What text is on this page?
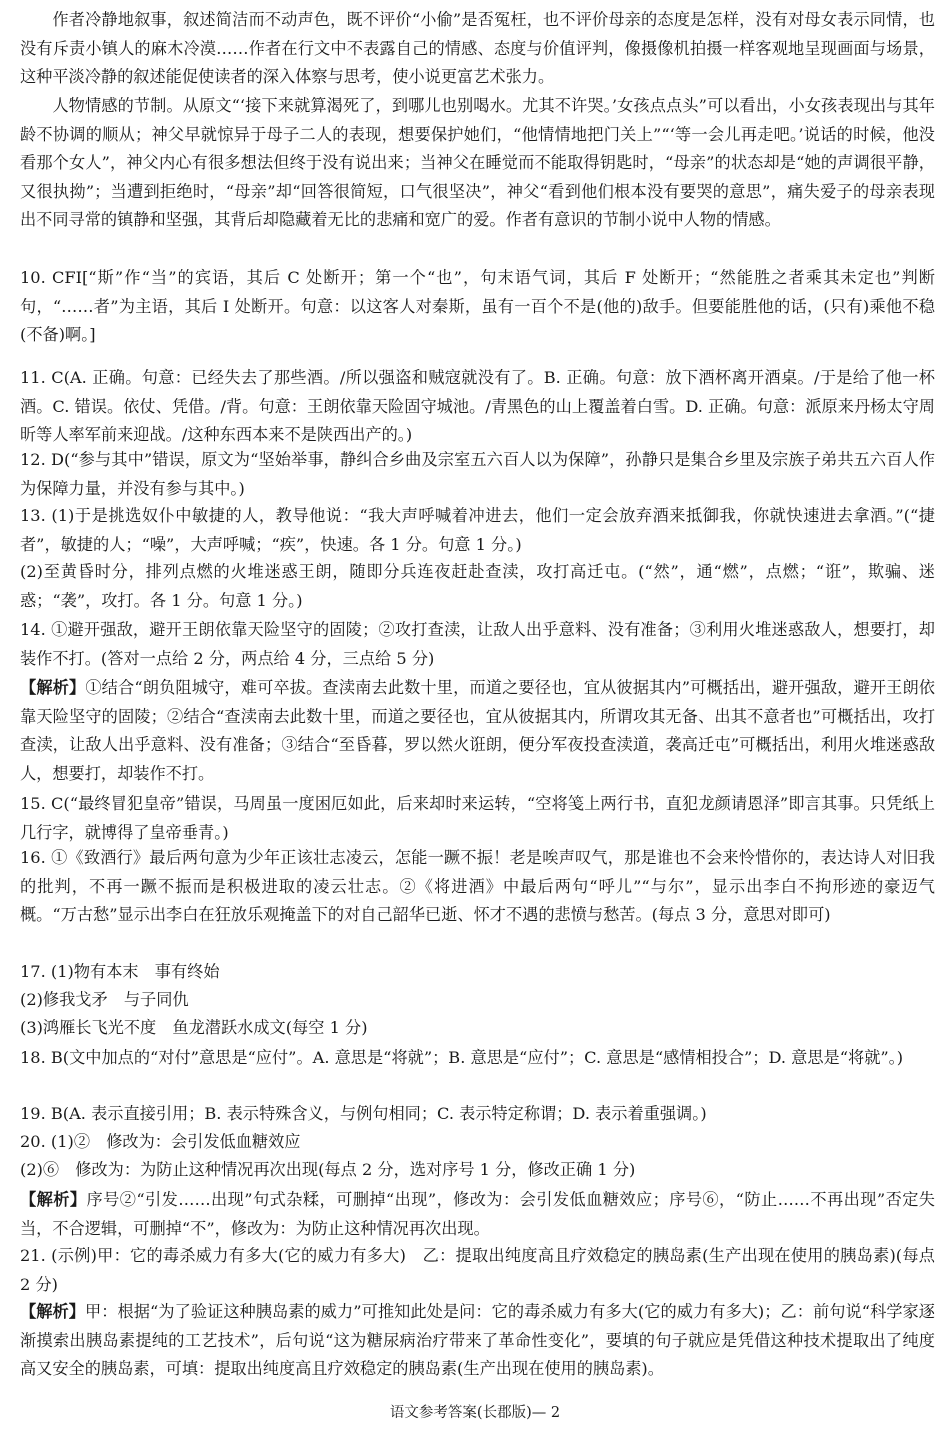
作者冷静地叙事，叙述简洁而不动声色，既不评价“小偷”是否冤枉，也不评价母亲的态度是怎样，没有对母女表示同情，也没有斥责小镇人的麻木冷漠……作者在行文中不表露自己的情感、态度与价值评判，像摄像机拍摄一样客观地呈现画面与场景，这种平淡冷静的叙述能促使读者的深入体察与思考，使小说更富艺术张力。
人物情感的节制。从原文“‘接下来就算渴死了，到哪儿也别喝水。尤其不许哭。’女孩点点头”可以看出，小女孩表现出与其年龄不协调的顺从；神父早就惊异于母子二人的表现，想要保护她们，“他情情地把门关上”“‘等一会儿再走吧。’说话的时候，他没看那个女人”，神父内心有很多想法但终于没有说出来；当神父在睡觉而不能取得钥匙时，“母亲”的状态却是“她的声调很平静，又很执拗”；当遭到拒绝时，“母亲”却“回答很简短，口气很坚决”，神父“看到他们根本没有要哭的意思”，痛失爱子的母亲表现出不同寻常的镇静和坚强，其背后却隐藏着无比的悲痛和宽广的爱。作者有意识的节制小说中人物的情感。
10. CFI[“斯”作“当”的宾语，其后 C 处断开；第一个“也”，句末语气词，其后 F 处断开；“然能胜之者乘其未定也”判断句，“……者”为主语，其后 I 处断开。句意：以这客人对秦斯，虽有一百个不是(他的)敌手。但要能胜他的话，(只有)乘他不稳(不备)啊。]
11. C(A. 正确。句意：已经失去了那些酒。/所以强盗和贼寇就没有了。B. 正确。句意：放下酒杯离开酒桌。/于是给了他一杯酒。C. 错误。依仗、凭借。/背。句意：王朗依靠天险固守城池。/青黑色的山上覆盖着白雪。D. 正确。句意：派原来丹杨太守周昕等人率军前来迎战。/这种东西本来不是陕西出产的。)
12. D(“参与其中”错误，原文为“坚始举事，静纠合乡曲及宗室五六百人以为保障”，孙静只是集合乡里及宗族子弟共五六百人作为保障力量，并没有参与其中。)
13. (1)于是挑选奴仆中敏捷的人，教导他说：“我大声呼喊着冲进去，他们一定会放弃酒来抵御我，你就快速进去拿酒。”(“捷者”，敏捷的人；“噪”，大声呼喊；“疾”，快速。各 1 分。句意 1 分。)
(2)至黄昏时分，排列点燃的火堆迷惑王朗，随即分兵连夜赶赴查渎，攻打高迁屯。(“然”，通“燃”，点燃；“诳”，欺骗、迷惑；“袭”，攻打。各 1 分。句意 1 分。)
14. ①避开强敌，避开王朗依靠天险坚守的固陵；②攻打查渎，让敌人出乎意料、没有准备；③利用火堆迷惑敌人，想要打，却装作不打。(答对一点给 2 分，两点给 4 分，三点给 5 分)
【解析】①结合“朗负阻城守，难可卒拔。查渎南去此数十里，而道之要径也，宜从彼据其内”可概括出，避开强敌，避开王朗依靠天险坚守的固陵；②结合“查渎南去此数十里，而道之要径也，宜从彼据其内，所谓攻其无备、出其不意者也”可概括出，攻打查渎，让敌人出乎意料、没有准备；③结合“至昏暮，罗以然火诳朗，便分军夜投查渎道，袭高迁屯”可概括出，利用火堆迷惑敌人，想要打，却装作不打。
15. C(“最终冒犯皇帝”错误，马周虽一度困厄如此，后来却时来运转，“空将笺上两行书，直犯龙颜请恩泽”即言其事。只凭纸上几行字，就博得了皇帝垂青。)
16. ①《致酒行》最后两句意为少年正该壮志凌云，怎能一蹶不振！老是唉声叹气，那是谁也不会来怜惜你的，表达诗人对旧我的批判，不再一蹶不振而是积极进取的凌云壮志。②《将进酒》中最后两句“呼儿”“与尔”，显示出李白不拘形迹的豪迈气概。“万古愁”显示出李白在狂放乐观掩盖下的对自己韶华已逝、怀才不遇的悲愤与愁苦。(每点 3 分，意思对即可)
17. (1)物有本末　事有终始
(2)修我戈矛　与子同仇
(3)鸿雁长飞光不度　鱼龙潜跃水成文(每空 1 分)
18. B(文中加点的“对付”意思是“应付”。A. 意思是“将就”；B. 意思是“应付”；C. 意思是“感情相投合”；D. 意思是“将就”。)
19. B(A. 表示直接引用；B. 表示特殊含义，与例句相同；C. 表示特定称谓；D. 表示着重强调。)
20. (1)②　修改为：会引发低血糖效应
(2)⑥　修改为：为防止这种情况再次出现(每点 2 分，选对序号 1 分，修改正确 1 分)
【解析】序号②“引发……出现”句式杂糅，可删掉“出现”，修改为：会引发低血糖效应；序号⑥，“防止……不再出现”否定失当，不合逻辑，可删掉“不”，修改为：为防止这种情况再次出现。
21. (示例)甲：它的毒杀威力有多大(它的威力有多大)　乙：提取出纯度高且疗效稳定的胰岛素(生产出现在使用的胰岛素)(每点 2 分)
【解析】甲：根据“为了验证这种胰岛素的威力”可推知此处是问：它的毒杀威力有多大(它的威力有多大)；乙：前句说“科学家逐渐摸索出胰岛素提纯的工艺技术”，后句说“这为糖尿病治疗带来了革命性变化”，要填的句子就应是凭借这种技术提取出了纯度高又安全的胰岛素，可填：提取出纯度高且疗效稳定的胰岛素(生产出现在使用的胰岛素)。
语文参考答案(长郡版)— 2
